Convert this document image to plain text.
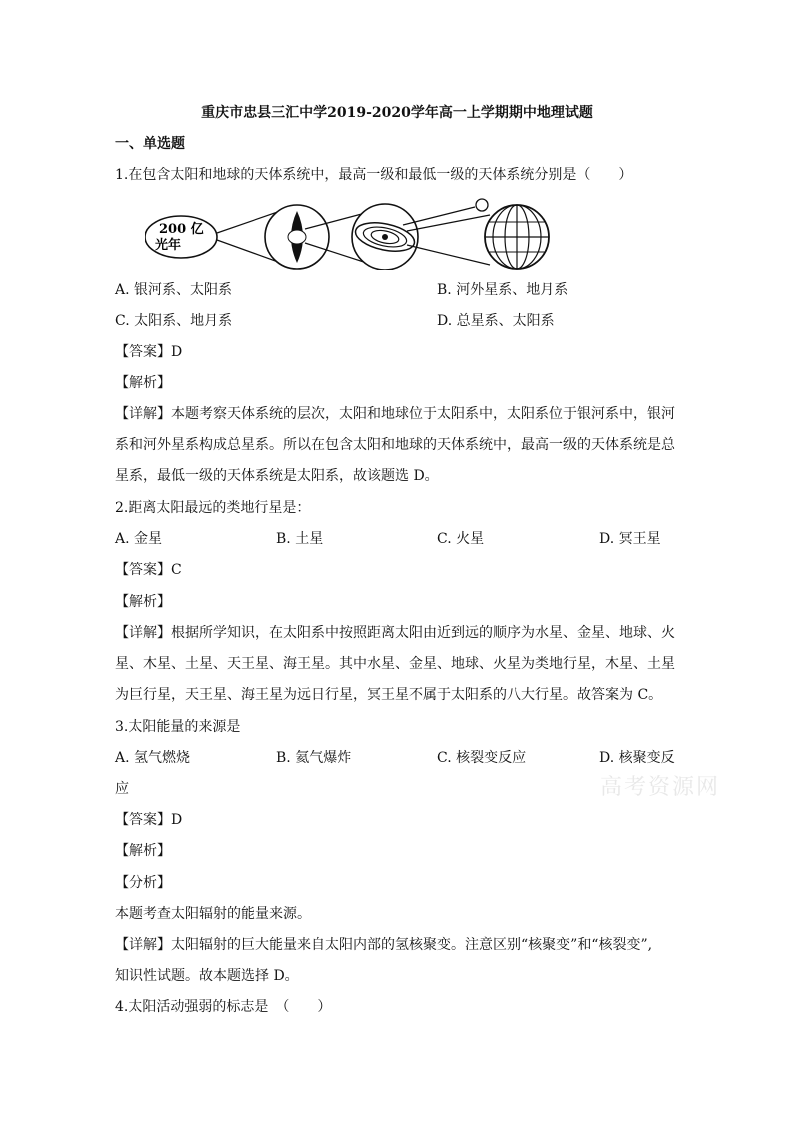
重庆市忠县三汇中学2019-2020学年高一上学期期中地理试题
一、单选题
1.在包含太阳和地球的天体系统中，最高一级和最低一级的天体系统分别是（　　）
200 亿
光年
A. 银河系、太阳系	B. 河外星系、地月系
C. 太阳系、地月系	D. 总星系、太阳系
【答案】D
【解析】
【详解】本题考察天体系统的层次，太阳和地球位于太阳系中，太阳系位于银河系中，银河
系和河外星系构成总星系。所以在包含太阳和地球的天体系统中，最高一级的天体系统是总
星系，最低一级的天体系统是太阳系，故该题选 D。
2.距离太阳最远的类地行星是：
A. 金星	B. 土星	C. 火星	D. 冥王星
【答案】C
【解析】
【详解】根据所学知识，在太阳系中按照距离太阳由近到远的顺序为水星、金星、地球、火
星、木星、土星、天王星、海王星。其中水星、金星、地球、火星为类地行星，木星、土星
为巨行星，天王星、海王星为远日行星，冥王星不属于太阳系的八大行星。故答案为 C。
3.太阳能量的来源是
A. 氢气燃烧	B. 氦气爆炸	C. 核裂变反应	D. 核聚变反
应	高考资源网
【答案】D
【解析】
【分析】
本题考查太阳辐射的能量来源。
【详解】太阳辐射的巨大能量来自太阳内部的氢核聚变。注意区别“核聚变”和“核裂变”,
知识性试题。故本题选择 D。
4.太阳活动强弱的标志是　（　　）
